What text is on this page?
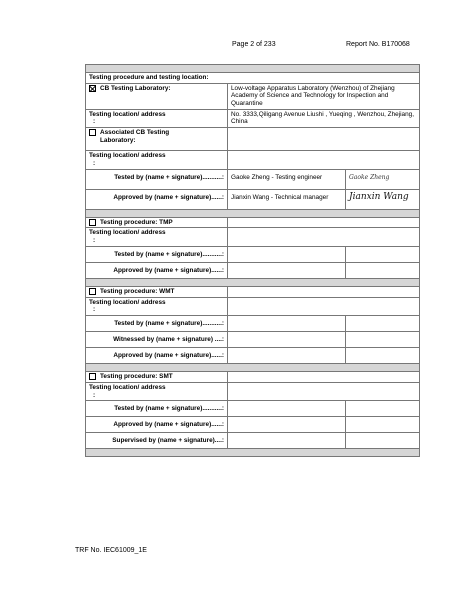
Page 2 of 233	Report No. B170068

Testing procedure and testing location:		
CB Testing Laboratory:	Low-voltage Apparatus Laboratory (Wenzhou) of Zhejiang Academy of Science and Technology for Inspection and Quarantine	
Testing location/ address
:	No. 3333,Qiligang Avenue Liushi , Yueqing , Wenzhou, Zhejiang, China	
Associated CB Testing Laboratory:		
Testing location/ address
:		

Tested by (name + signature)...........:	Gaoke Zheng - Testing engineer	Gaoke Zheng
Approved by (name + signature)......:	Jianxin Wang - Technical manager	Jianxin Wang

Testing procedure: TMP		
Testing location/ address
:		

Tested by (name + signature)...........:		
Approved by (name + signature)......:		

Testing procedure: WMT		
Testing location/ address
:		

Tested by (name + signature)...........:		
Witnessed by (name + signature) ....:		
Approved by (name + signature)......:		

Testing procedure: SMT		
Testing location/ address
:		

Tested by (name + signature)...........:		
Approved by (name + signature)......:		
Supervised by (name + signature)....:		

TRF No. IEC61009_1E
